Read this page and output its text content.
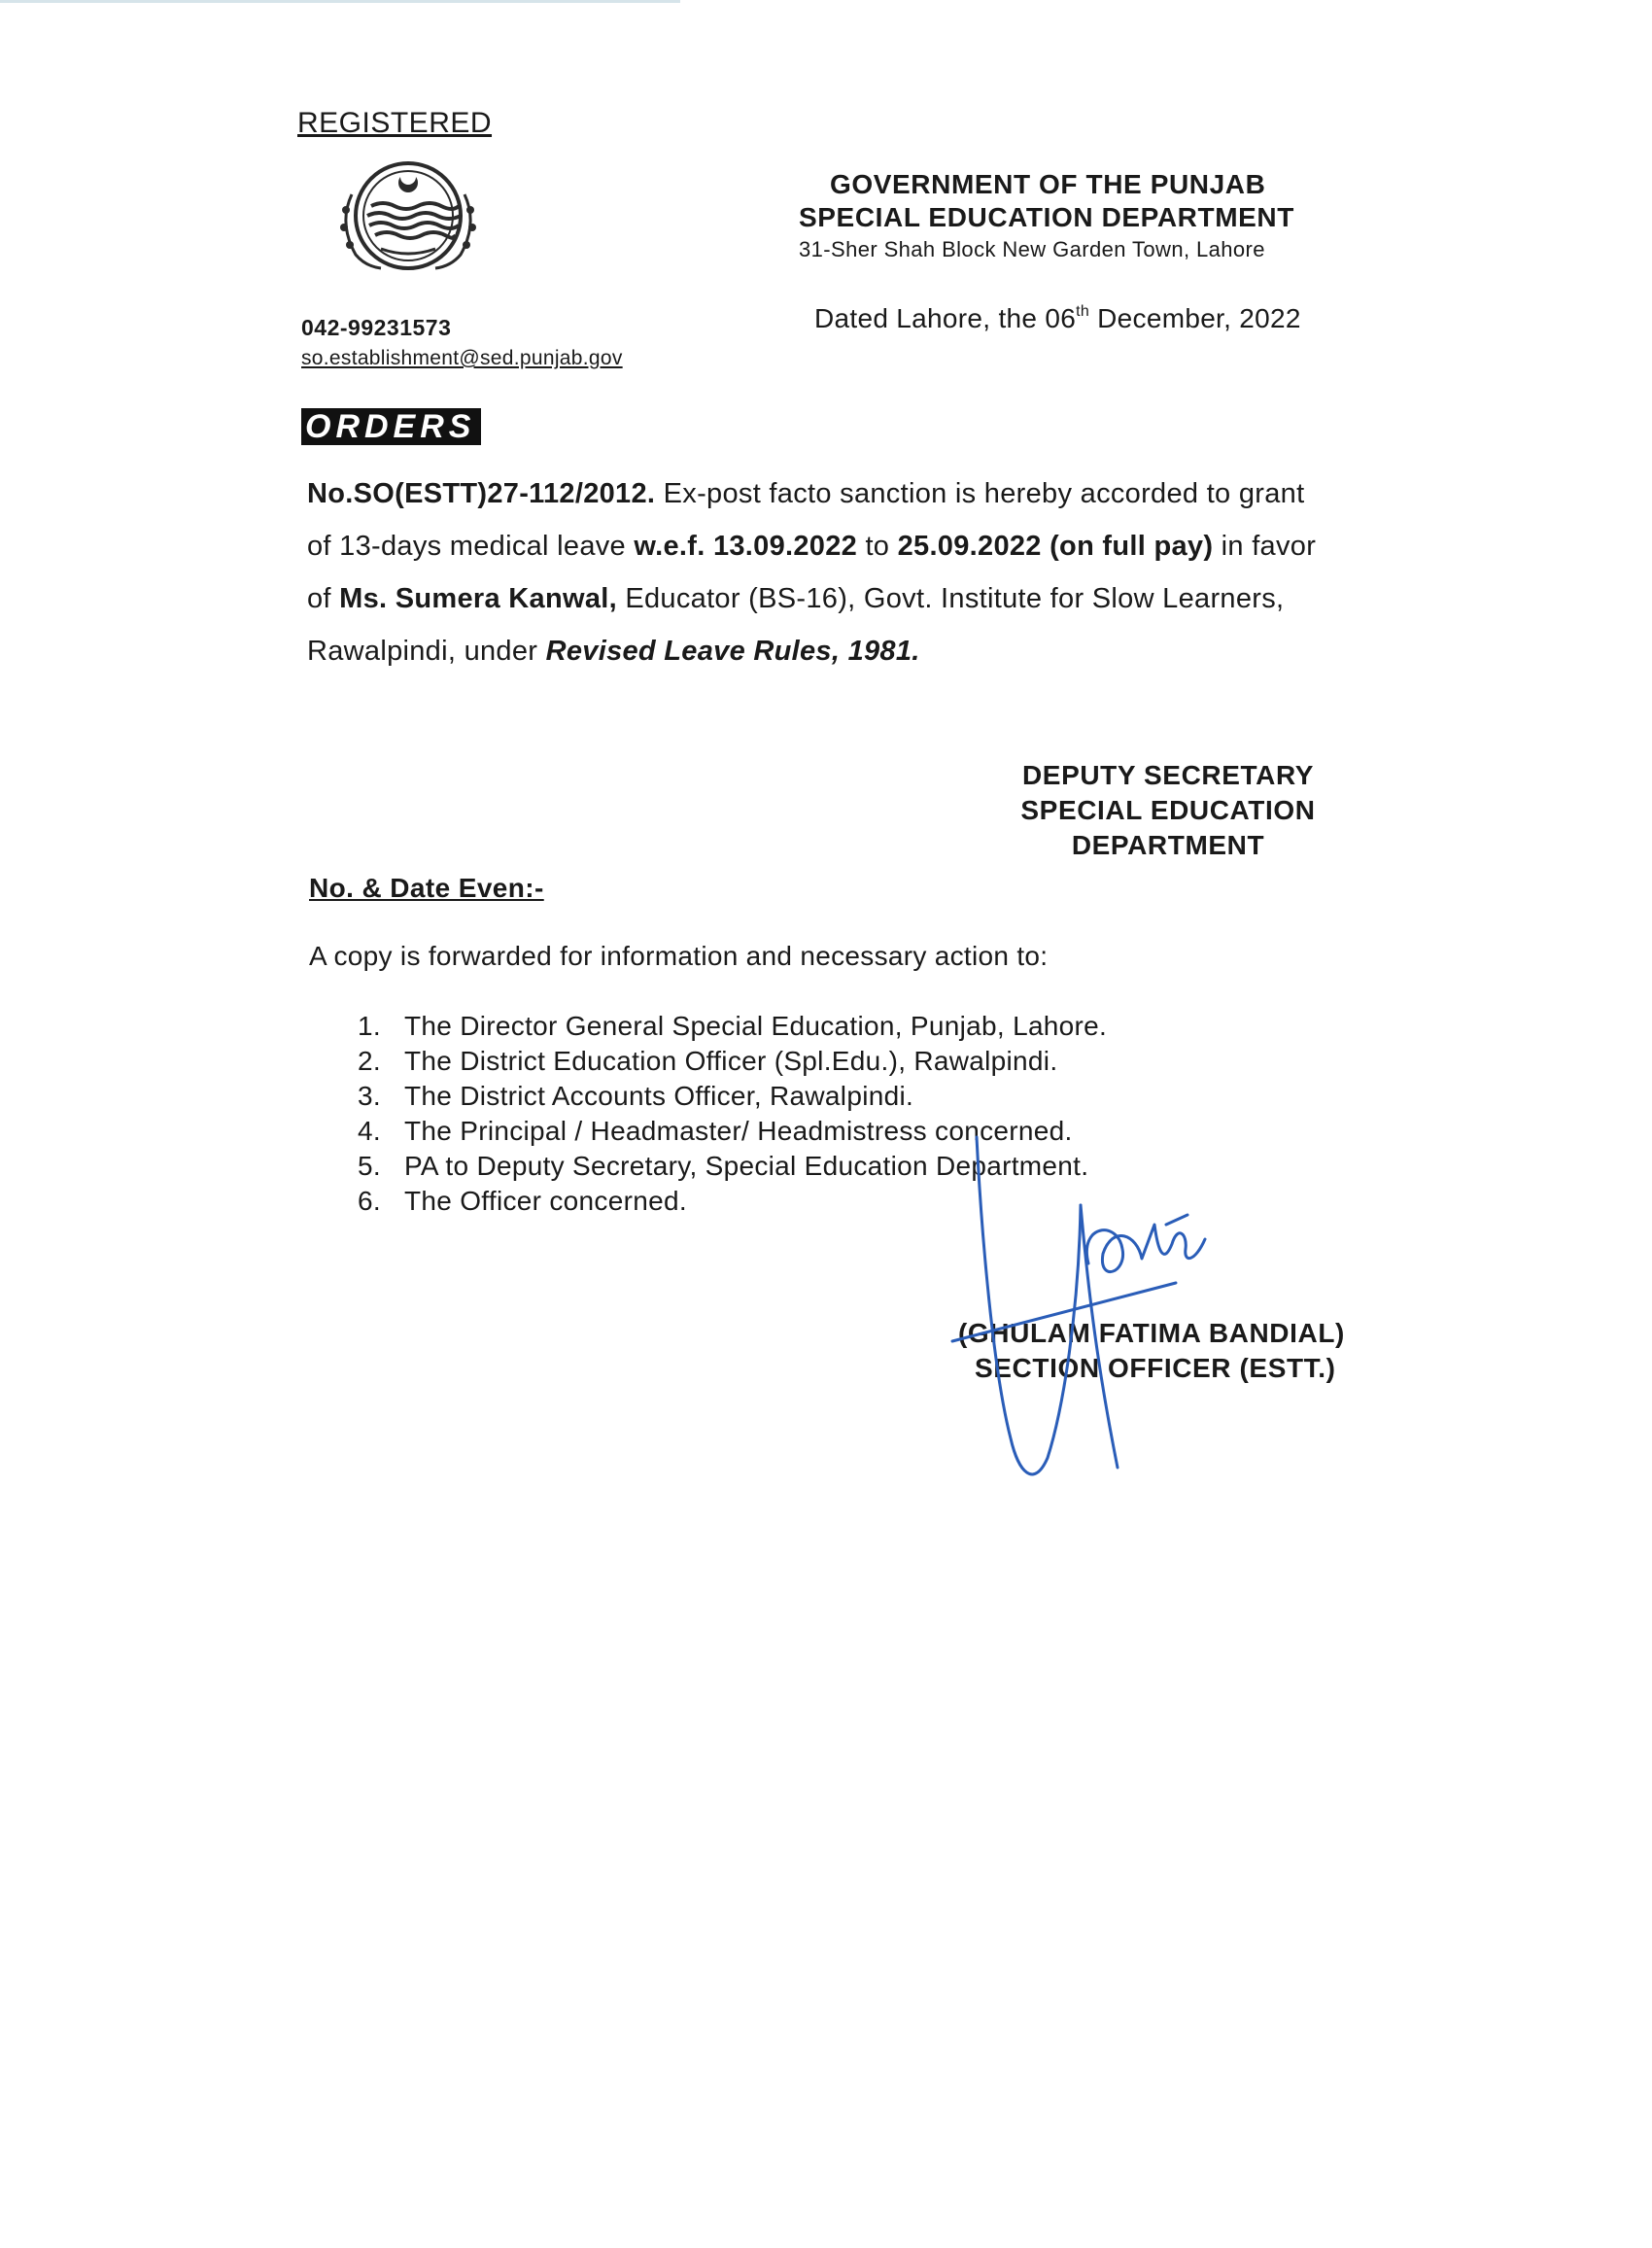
REGISTERED
042-99231573
so.establishment@sed.punjab.gov
GOVERNMENT OF THE PUNJAB
SPECIAL EDUCATION DEPARTMENT
31-Sher Shah Block New Garden Town, Lahore
Dated Lahore, the 06th December, 2022
ORDERS
No.SO(ESTT)27-112/2012. Ex-post facto sanction is hereby accorded to grant
of 13-days medical leave w.e.f. 13.09.2022 to 25.09.2022 (on full pay) in favor
of Ms. Sumera Kanwal, Educator (BS-16), Govt. Institute for Slow Learners,
Rawalpindi, under Revised Leave Rules, 1981.
DEPUTY SECRETARY
SPECIAL EDUCATION
DEPARTMENT
No. & Date Even:-
A copy is forwarded for information and necessary action to:
1. The Director General Special Education, Punjab, Lahore.
2. The District Education Officer (Spl.Edu.), Rawalpindi.
3. The District Accounts Officer, Rawalpindi.
4. The Principal / Headmaster/ Headmistress concerned.
5. PA to Deputy Secretary, Special Education Department.
6. The Officer concerned.
(GHULAM FATIMA BANDIAL)
SECTION OFFICER (ESTT.)
